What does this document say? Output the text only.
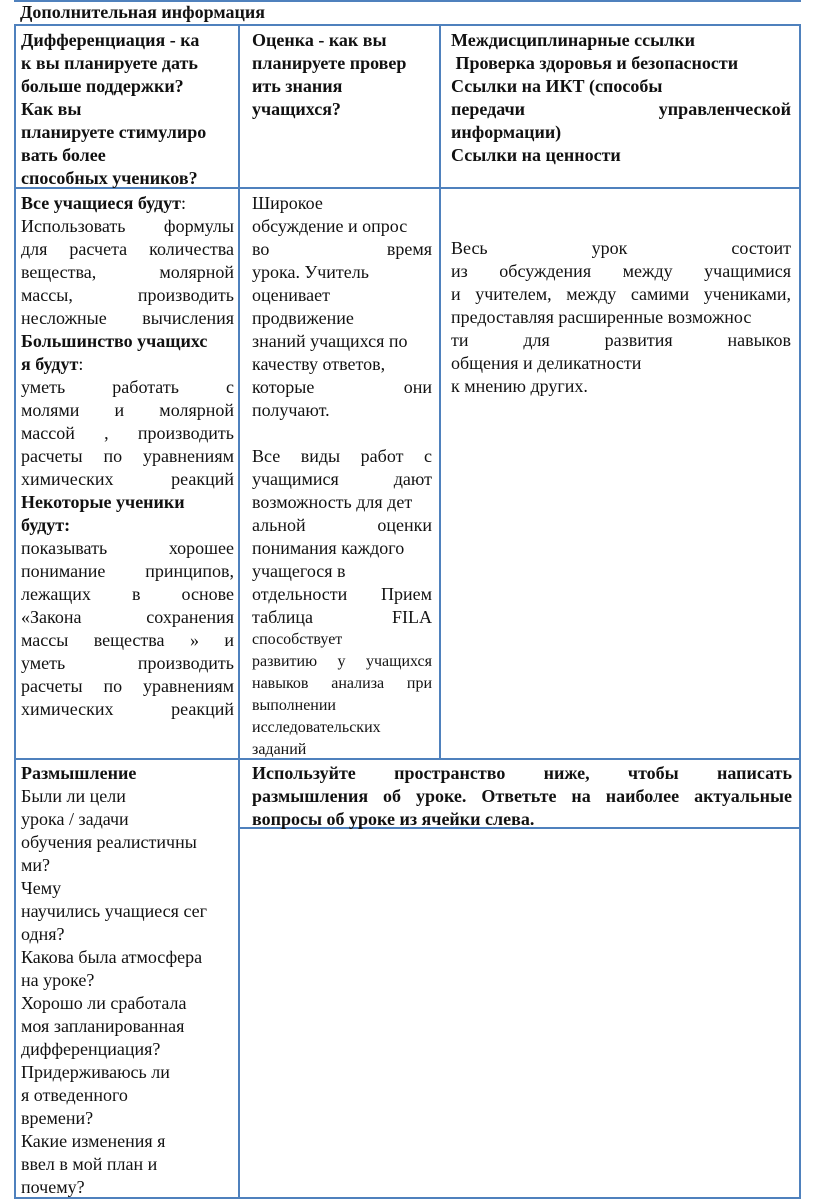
Дополнительная информация
Дифференциация - ка
к вы планируете дать
больше поддержки?
Как вы
планируете стимулиро
вать более
способных учеников?
Оценка - как вы
планируете провер
ить знания
учащихся?
Междисциплинарные ссылки
Проверка здоровья и безопасности
Ссылки на ИКТ (способы
передачи управленческой
информации)
Ссылки на ценности
Все учащиеся будут:
Использовать формулы
для расчета количества
вещества, молярной
массы, производить
несложные вычисления
Большинство учащихс
я будут:
уметь работать с
молями и молярной
массой , производить
расчеты по уравнениям
химических реакций
Некоторые ученики
будут:
показывать хорошее
понимание принципов,
лежащих в основе
«Закона сохранения
массы вещества » и
уметь производить
расчеты по уравнениям
химических реакций
Широкое
обсуждение и опрос
во время
урока. Учитель
оценивает
продвижение
знаний учащихся по
качеству ответов,
которые они
получают.

Все виды работ с
учащимися дают
возможность для дет
альной оценки
понимания каждого
учащегося в
отдельности Прием
таблица FILA
способствует
развитию у учащихся
навыков анализа при
выполнении
исследовательских
заданий
Весь урок состоит
из обсуждения между учащимися
и учителем, между самими учениками,
предоставляя расширенные возможнос
ти для развития навыков
общения и деликатности
к мнению других.
Размышление
Были ли цели
урока / задачи
обучения реалистичны
ми?
Чему
научились учащиеся сег
одня?
Какова была атмосфера
на уроке?
Хорошо ли сработала
моя запланированная
дифференциация?
Придерживаюсь ли
я отведенного
времени?
Какие изменения я
ввел в мой план и
почему?
Используйте пространство ниже, чтобы написать
размышления об уроке. Ответьте на наиболее актуальные
вопросы об уроке из ячейки слева.
